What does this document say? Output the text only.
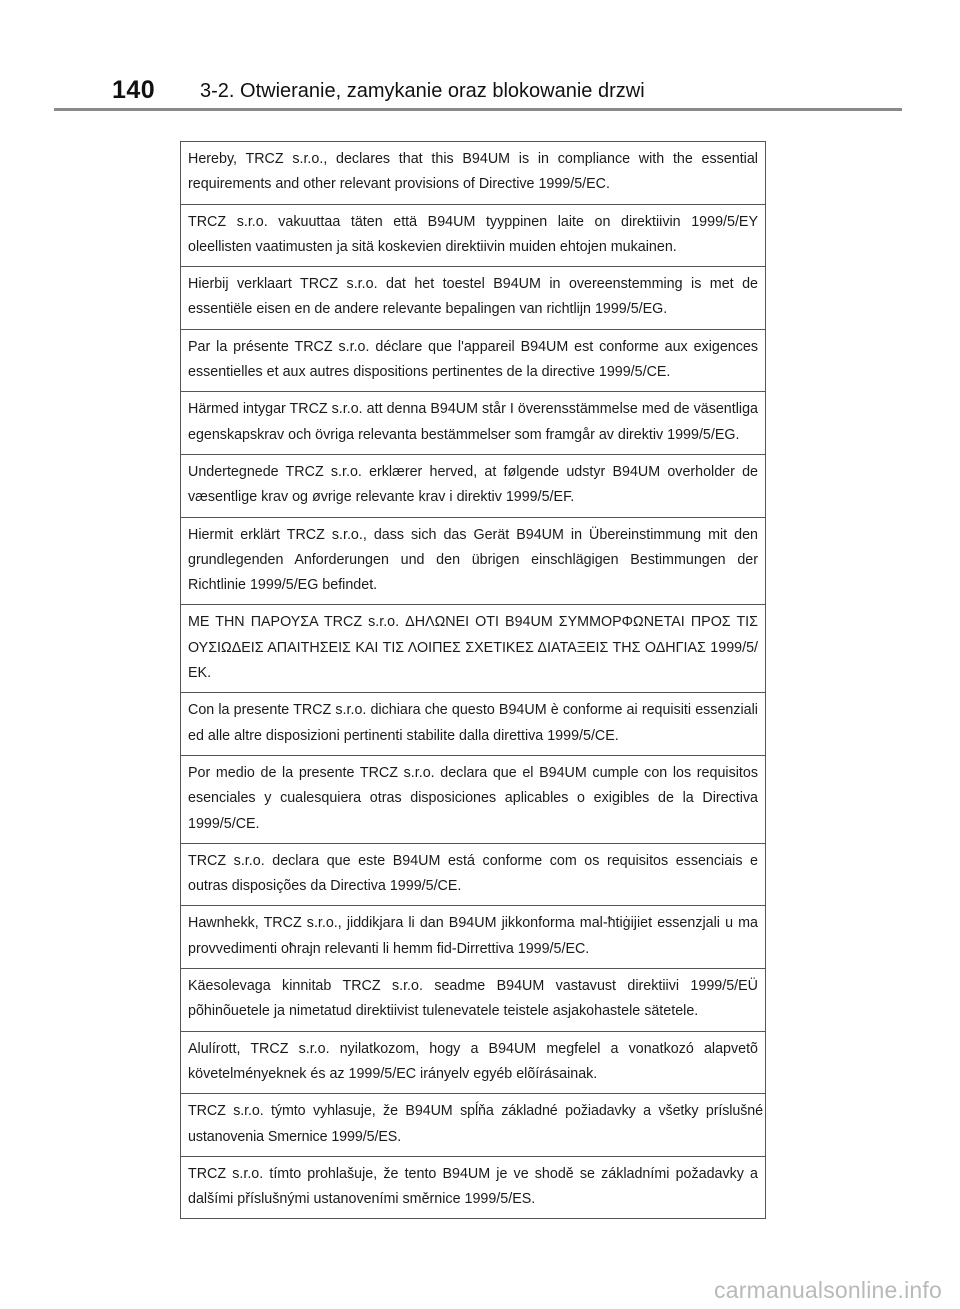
140 3-2. Otwieranie, zamykanie oraz blokowanie drzwi
Hereby, TRCZ s.r.o., declares that this B94UM is in compliance with the essential requirements and other relevant provisions of Directive 1999/5/EC.
TRCZ s.r.o. vakuuttaa täten että B94UM tyyppinen laite on direktiivin 1999/5/EY oleellisten vaatimusten ja sitä koskevien direktiivin muiden ehtojen mukainen.
Hierbij verklaart TRCZ s.r.o. dat het toestel B94UM in overeenstemming is met de essentiële eisen en de andere relevante bepalingen van richtlijn 1999/5/EG.
Par la présente TRCZ s.r.o. déclare que l'appareil B94UM est conforme aux exigences essentielles et aux autres dispositions pertinentes de la directive 1999/5/CE.
Härmed intygar TRCZ s.r.o. att denna B94UM står I överensstämmelse med de väsentliga egenskapskrav och övriga relevanta bestämmelser som framgår av direktiv 1999/5/EG.
Undertegnede TRCZ s.r.o. erklærer herved, at følgende udstyr B94UM overholder de væsentlige krav og øvrige relevante krav i direktiv 1999/5/EF.
Hiermit erklärt TRCZ s.r.o., dass sich das Gerät B94UM in Übereinstimmung mit den grundlegenden Anforderungen und den übrigen einschlägigen Bestimmungen der Richtlinie 1999/5/EG befindet.
ΜΕ ΤΗΝ ΠΑΡΟΥΣΑ TRCZ s.r.o. ΔΗΛΩΝΕΙ ΟΤΙ B94UM ΣΥΜΜΟΡΦΩΝΕΤΑΙ ΠΡΟΣ ΤΙΣ ΟΥΣΙΩΔΕΙΣ ΑΠΑΙΤΗΣΕΙΣ ΚΑΙ ΤΙΣ ΛΟΙΠΕΣ ΣΧΕΤΙΚΕΣ ΔΙΑΤΑΞΕΙΣ ΤΗΣ ΟΔΗΓΙΑΣ 1999/5/ΕΚ.
Con la presente TRCZ s.r.o. dichiara che questo B94UM è conforme ai requisiti essenziali ed alle altre disposizioni pertinenti stabilite dalla direttiva 1999/5/CE.
Por medio de la presente TRCZ s.r.o. declara que el B94UM cumple con los requisitos esenciales y cualesquiera otras disposiciones aplicables o exigibles de la Directiva 1999/5/CE.
TRCZ s.r.o. declara que este B94UM está conforme com os requisitos essenciais e outras disposições da Directiva 1999/5/CE.
Hawnhekk, TRCZ s.r.o., jiddikjara li dan B94UM jikkonforma mal-ħtiġijiet essenzjali u ma provvedimenti oħrajn relevanti li hemm fid-Dirrettiva 1999/5/EC.
Käesolevaga kinnitab TRCZ s.r.o. seadme B94UM vastavust direktiivi 1999/5/EÜ põhinõuetele ja nimetatud direktiivist tulenevatele teistele asjakohastele sätetele.
Alulírott, TRCZ s.r.o. nyilatkozom, hogy a B94UM megfelel a vonatkozó alapvetõ követelményeknek és az 1999/5/EC irányelv egyéb elõírásainak.
TRCZ s.r.o. týmto vyhlasuje, že B94UM spĺňa základné požiadavky a všetky príslušné ustanovenia Smernice 1999/5/ES.
TRCZ s.r.o. tímto prohlašuje, že tento B94UM je ve shodě se základními požadavky a dalšími příslušnými ustanoveními směrnice 1999/5/ES.
carmanualsonline.info
